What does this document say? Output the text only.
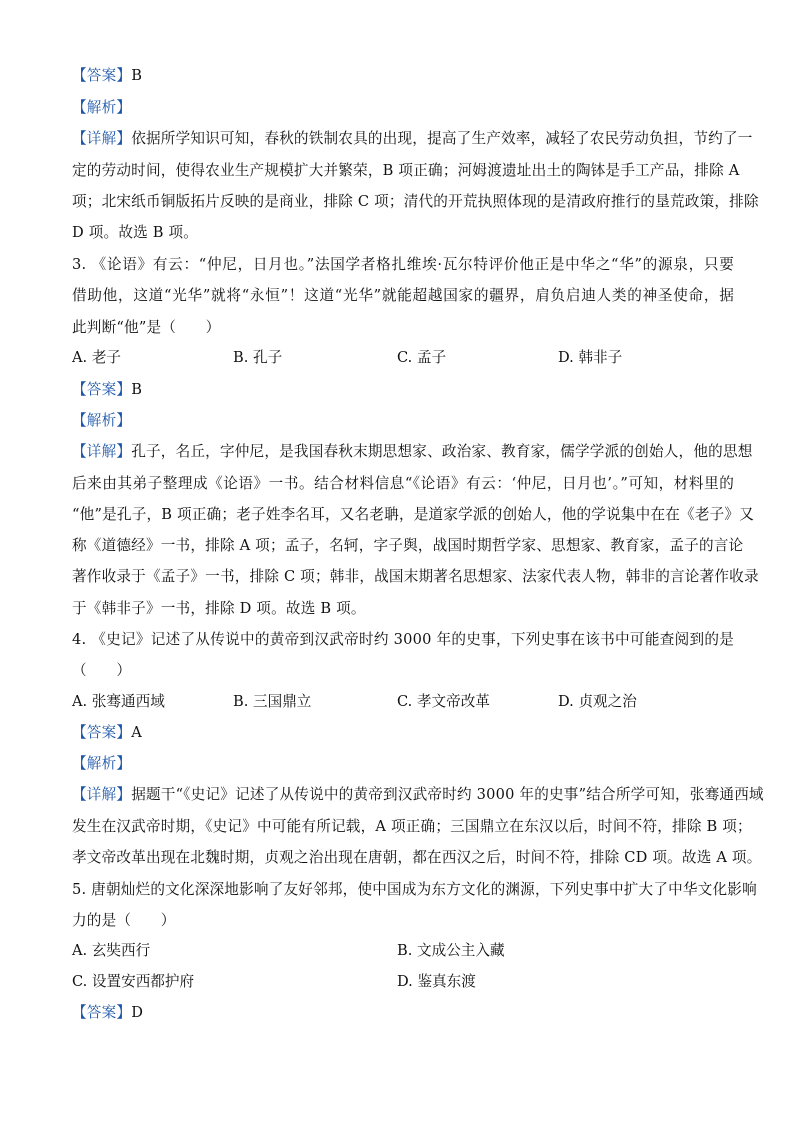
【答案】B
【解析】
【详解】依据所学知识可知，春秋的铁制农具的出现，提高了生产效率，减轻了农民劳动负担，节约了一
定的劳动时间，使得农业生产规模扩大并繁荣，B 项正确；河姆渡遗址出土的陶钵是手工产品，排除 A
项；北宋纸币铜版拓片反映的是商业，排除 C 项；清代的开荒执照体现的是清政府推行的垦荒政策，排除
D 项。故选 B 项。
3. 《论语》有云：“仲尼，日月也。”法国学者格扎维埃·瓦尔特评价他正是中华之“华”的源泉，只要
借助他，这道“光华”就将“永恒”！这道“光华”就能超越国家的疆界，肩负启迪人类的神圣使命，据
此判断“他”是（　　）
A. 老子	B. 孔子	C. 孟子	D. 韩非子
【答案】B
【解析】
【详解】孔子，名丘，字仲尼，是我国春秋末期思想家、政治家、教育家，儒学学派的创始人，他的思想
后来由其弟子整理成《论语》一书。结合材料信息“《论语》有云：‘仲尼，日月也’。”可知，材料里的
“他”是孔子，B 项正确；老子姓李名耳，又名老聃，是道家学派的创始人，他的学说集中在在《老子》又
称《道德经》一书，排除 A 项；孟子，名轲，字子舆，战国时期哲学家、思想家、教育家，孟子的言论
著作收录于《孟子》一书，排除 C 项；韩非，战国末期著名思想家、法家代表人物，韩非的言论著作收录
于《韩非子》一书，排除 D 项。故选 B 项。
4. 《史记》记述了从传说中的黄帝到汉武帝时约 3000 年的史事，下列史事在该书中可能查阅到的是
（　　）
A. 张骞通西域	B. 三国鼎立	C. 孝文帝改革	D. 贞观之治
【答案】A
【解析】
【详解】据题干“《史记》记述了从传说中的黄帝到汉武帝时约 3000 年的史事”结合所学可知，张骞通西域
发生在汉武帝时期，《史记》中可能有所记载，A 项正确；三国鼎立在东汉以后，时间不符，排除 B 项；
孝文帝改革出现在北魏时期，贞观之治出现在唐朝，都在西汉之后，时间不符，排除 CD 项。故选 A 项。
5. 唐朝灿烂的文化深深地影响了友好邻邦，使中国成为东方文化的渊源，下列史事中扩大了中华文化影响
力的是（　　）
A. 玄奘西行	B. 文成公主入藏
C. 设置安西都护府	D. 鉴真东渡
【答案】D
